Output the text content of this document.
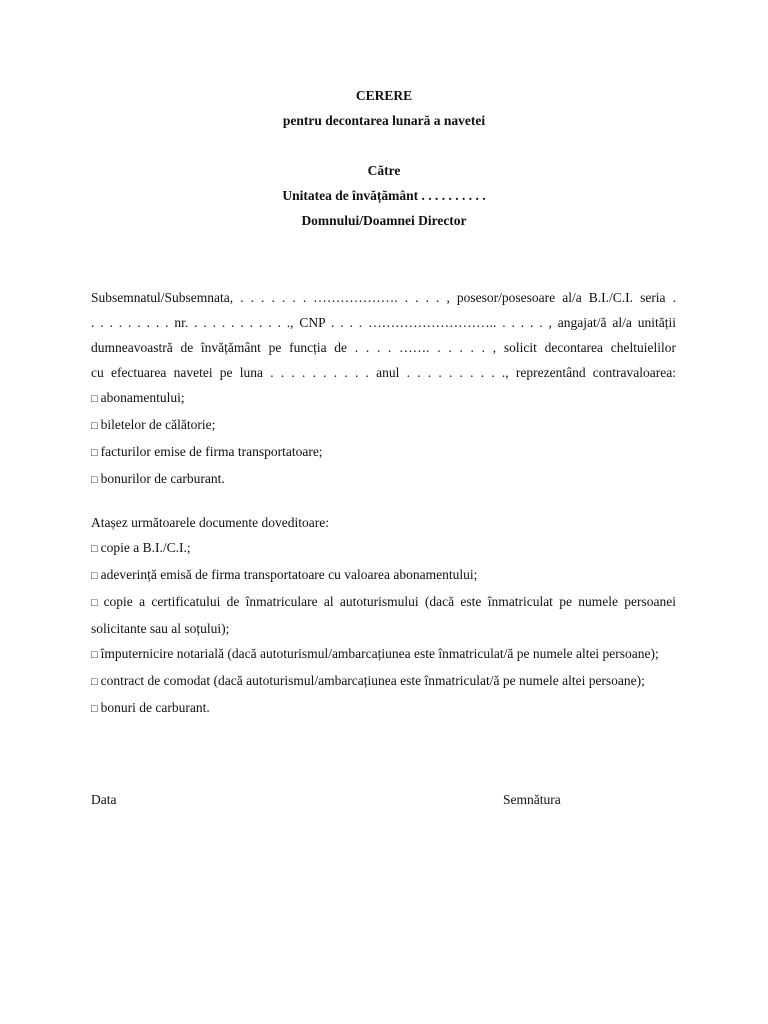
CERERE
pentru decontarea lunară a navetei
Către
Unitatea de învățământ . . . . . . . . . .
Domnului/Doamnei Director
Subsemnatul/Subsemnata, . . . . . . . ………………. . . . . , posesor/posesoare al/a B.I./C.I. seria .
. . . . . . . . . nr. . . . . . . . . . . ., CNP . . . . ……………………….. . . . . . , angajat/ă al/a unității
dumneavoastră de învățământ pe funcția de . . . . ……. . . . . . , solicit decontarea cheltuielilor
cu efectuarea navetei pe luna . . . . . . . . . . anul . . . . . . . . . ., reprezentând contravaloarea:
□ abonamentului;
□ biletelor de călătorie;
□ facturilor emise de firma transportatoare;
□ bonurilor de carburant.
Atașez următoarele documente doveditoare:
□ copie a B.I./C.I.;
□ adeverință emisă de firma transportatoare cu valoarea abonamentului;
□ copie a certificatului de înmatriculare al autoturismului (dacă este înmatriculat pe numele persoanei solicitante sau al soțului);
□ împuternicire notarială (dacă autoturismul/ambarcațiunea este înmatriculat/ă pe numele altei persoane);
□ contract de comodat (dacă autoturismul/ambarcațiunea este înmatriculat/ă pe numele altei persoane);
□ bonuri de carburant.
Data	Semnătura
